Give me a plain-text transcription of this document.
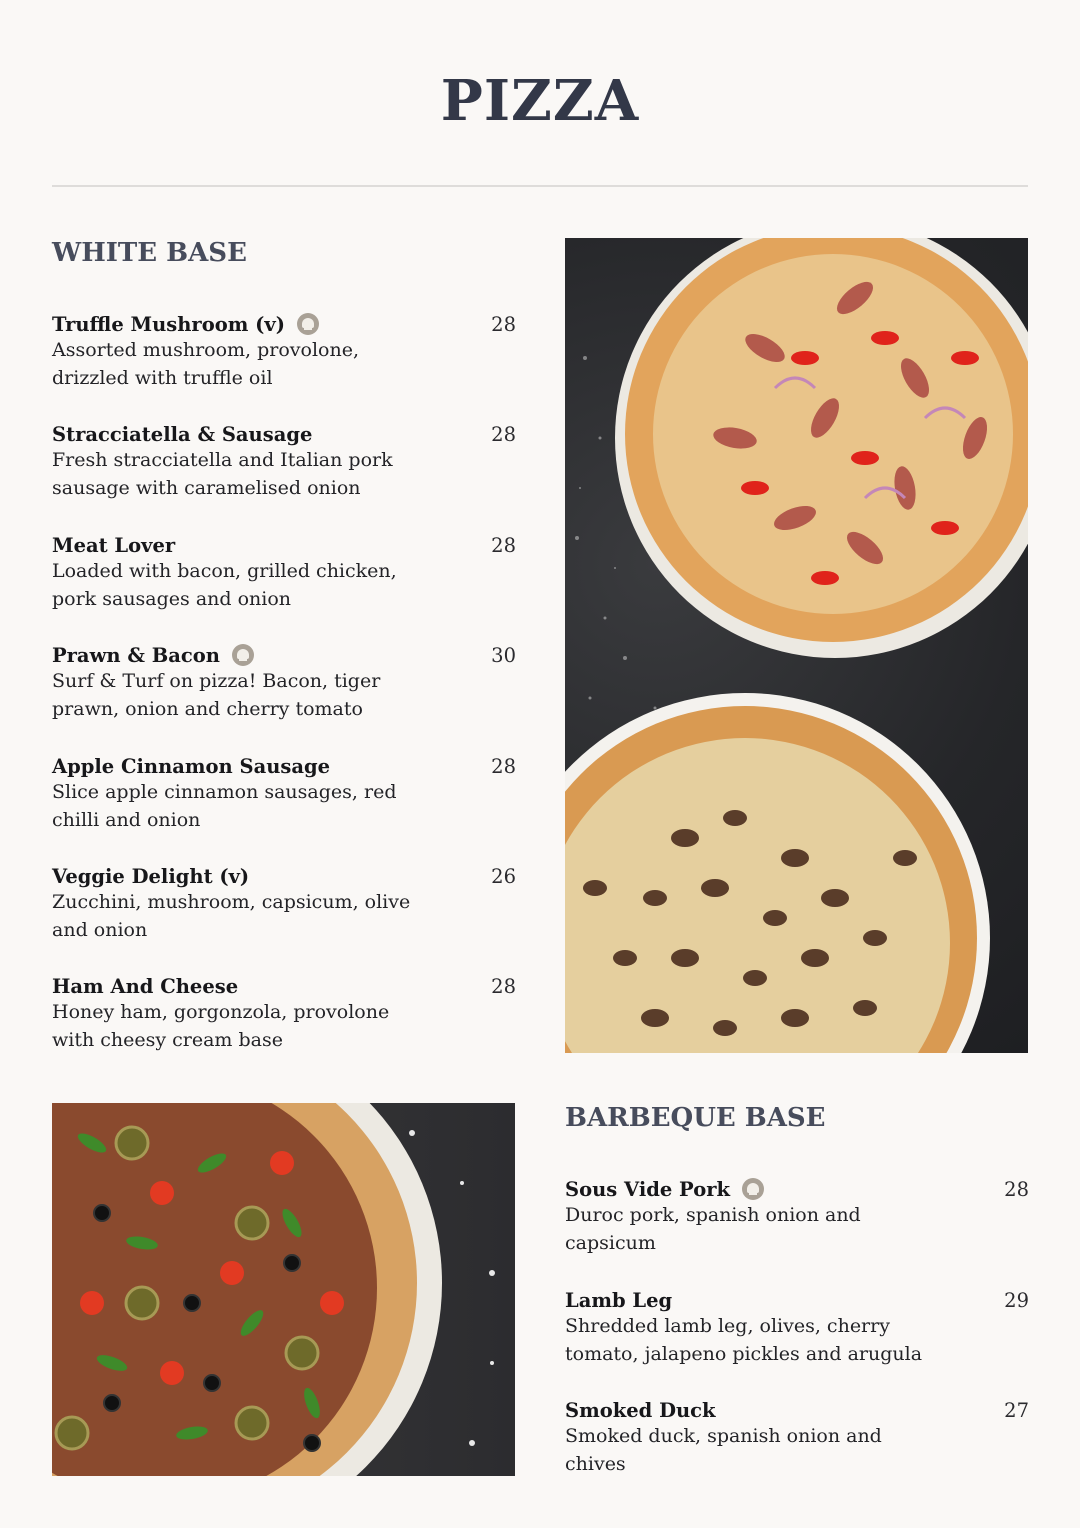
PIZZA
WHITE BASE
Truffle Mushroom (v)	28
Assorted mushroom, provolone, drizzled with truffle oil
Stracciatella & Sausage	28
Fresh stracciatella and Italian pork sausage with caramelised onion
Meat Lover	28
Loaded with bacon, grilled chicken, pork sausages and onion
Prawn & Bacon	30
Surf & Turf on pizza! Bacon, tiger prawn, onion and cherry tomato
Apple Cinnamon Sausage	28
Slice apple cinnamon sausages, red chilli and onion
Veggie Delight (v)	26
Zucchini, mushroom, capsicum, olive and onion
Ham And Cheese	28
Honey ham, gorgonzola, provolone with cheesy cream base
BARBEQUE BASE
Sous Vide Pork	28
Duroc pork, spanish onion and capsicum
Lamb Leg	29
Shredded lamb leg, olives, cherry tomato, jalapeno pickles and arugula
Smoked Duck	27
Smoked duck, spanish onion and chives
